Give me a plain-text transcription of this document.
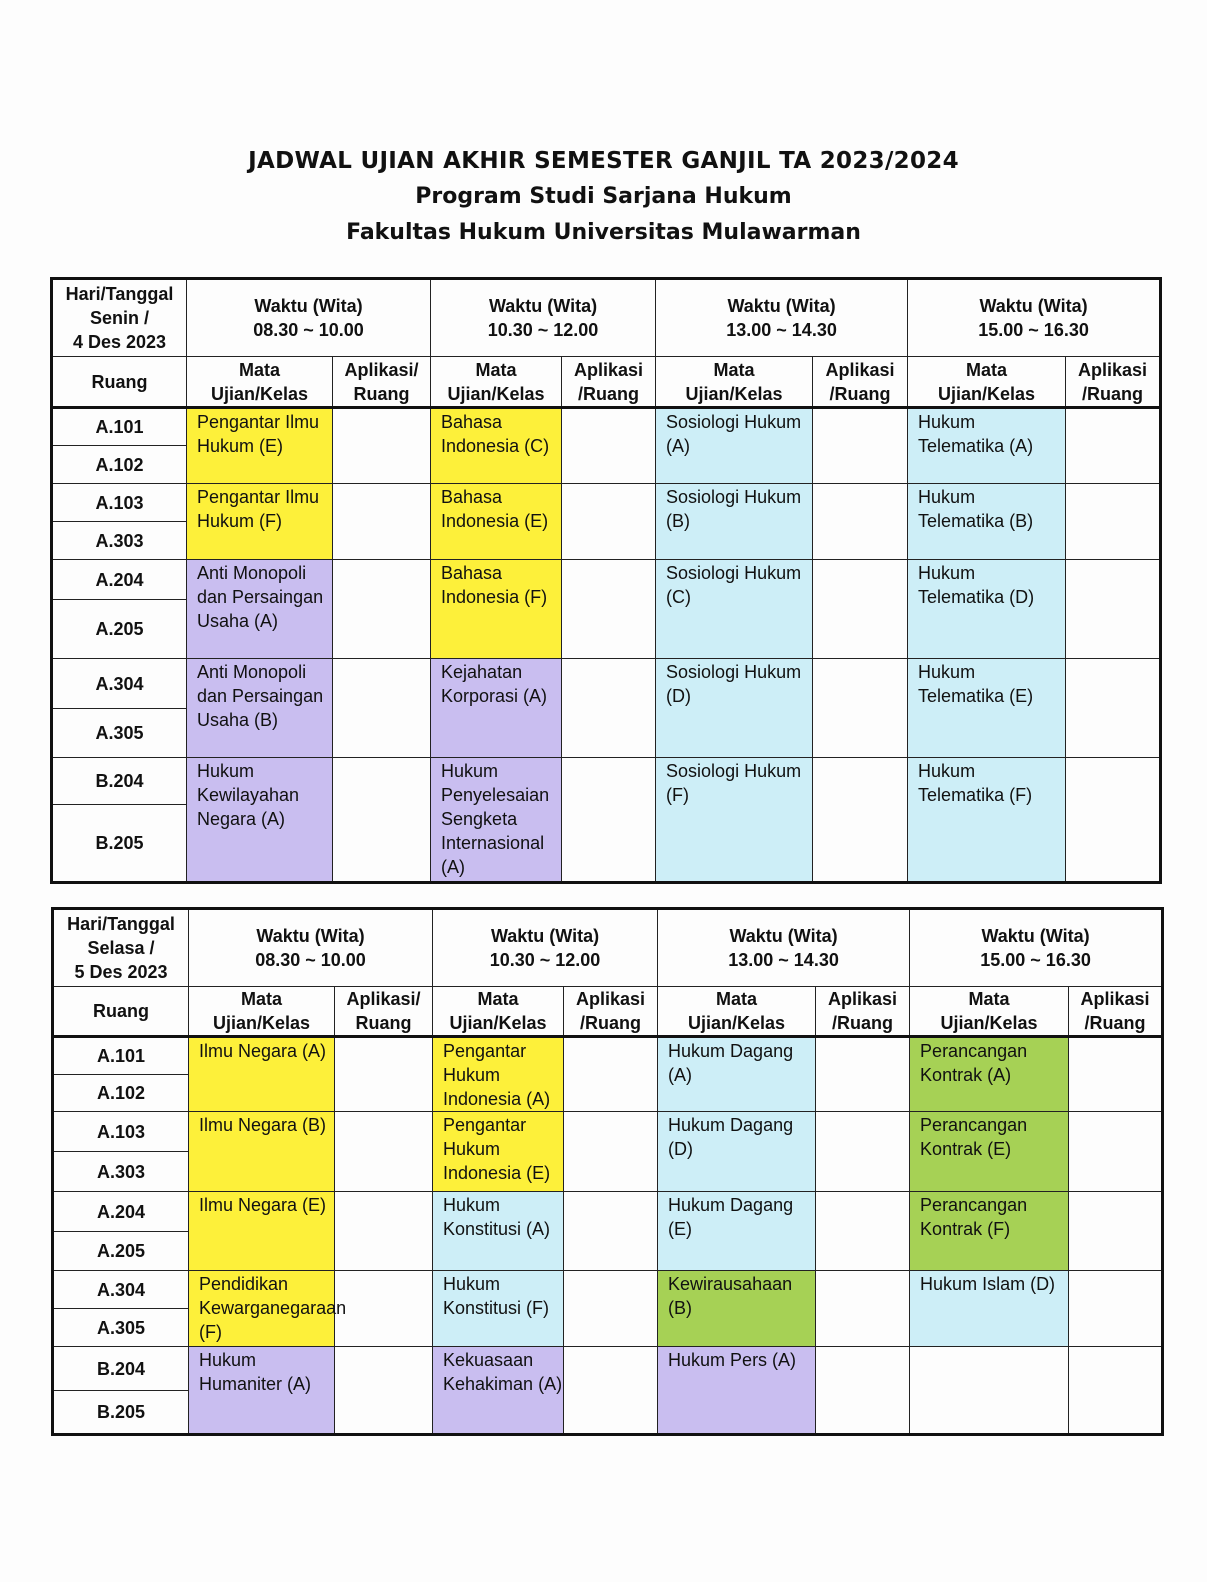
JADWAL UJIAN AKHIR SEMESTER GANJIL TA 2023/2024
Program Studi Sarjana Hukum
Fakultas Hukum Universitas Mulawarman
Hari/Tanggal
Senin /
4 Des 2023	Waktu (Wita)
08.30 ~ 10.00		Waktu (Wita)
10.30 ~ 12.00		Waktu (Wita)
13.00 ~ 14.30		Waktu (Wita)
15.00 ~ 16.30	

Ruang	Mata
Ujian/Kelas	Aplikasi/
Ruang	Mata
Ujian/Kelas	Aplikasi
/Ruang	Mata
Ujian/Kelas	Aplikasi
/Ruang	Mata
Ujian/Kelas	Aplikasi
/Ruang

A.101	Pengantar Ilmu Hukum (E)		Bahasa Indonesia (C)		Sosiologi Hukum (A)		Hukum Telematika (A)	
A.102								
A.103	Pengantar Ilmu Hukum (F)		Bahasa Indonesia (E)		Sosiologi Hukum (B)		Hukum Telematika (B)	
A.303								
A.204	Anti Monopoli dan Persaingan Usaha (A)		Bahasa Indonesia (F)		Sosiologi Hukum (C)		Hukum Telematika (D)	
A.205								
A.304	Anti Monopoli dan Persaingan Usaha (B)		Kejahatan Korporasi (A)		Sosiologi Hukum (D)		Hukum Telematika (E)	
A.305								
B.204	Hukum Kewilayahan Negara (A)		Hukum Penyelesaian Sengketa Internasional (A)		Sosiologi Hukum (F)		Hukum Telematika (F)	
B.205								
Hari/Tanggal
Selasa /
5 Des 2023	Waktu (Wita)
08.30 ~ 10.00		Waktu (Wita)
10.30 ~ 12.00		Waktu (Wita)
13.00 ~ 14.30		Waktu (Wita)
15.00 ~ 16.30	

Ruang	Mata
Ujian/Kelas	Aplikasi/
Ruang	Mata
Ujian/Kelas	Aplikasi
/Ruang	Mata
Ujian/Kelas	Aplikasi
/Ruang	Mata
Ujian/Kelas	Aplikasi
/Ruang

A.101	Ilmu Negara (A)		Pengantar Hukum Indonesia (A)		Hukum Dagang (A)		Perancangan Kontrak (A)	
A.102								
A.103	Ilmu Negara (B)		Pengantar Hukum Indonesia (E)		Hukum Dagang (D)		Perancangan Kontrak (E)	
A.303								
A.204	Ilmu Negara (E)		Hukum Konstitusi (A)		Hukum Dagang (E)		Perancangan Kontrak (F)	
A.205								
A.304	Pendidikan Kewarganegaraan (F)		Hukum Konstitusi (F)		Kewirausahaan (B)		Hukum Islam (D)	
A.305								
B.204	Hukum Humaniter (A)		Kekuasaan Kehakiman (A)		Hukum Pers (A)			
B.205								
